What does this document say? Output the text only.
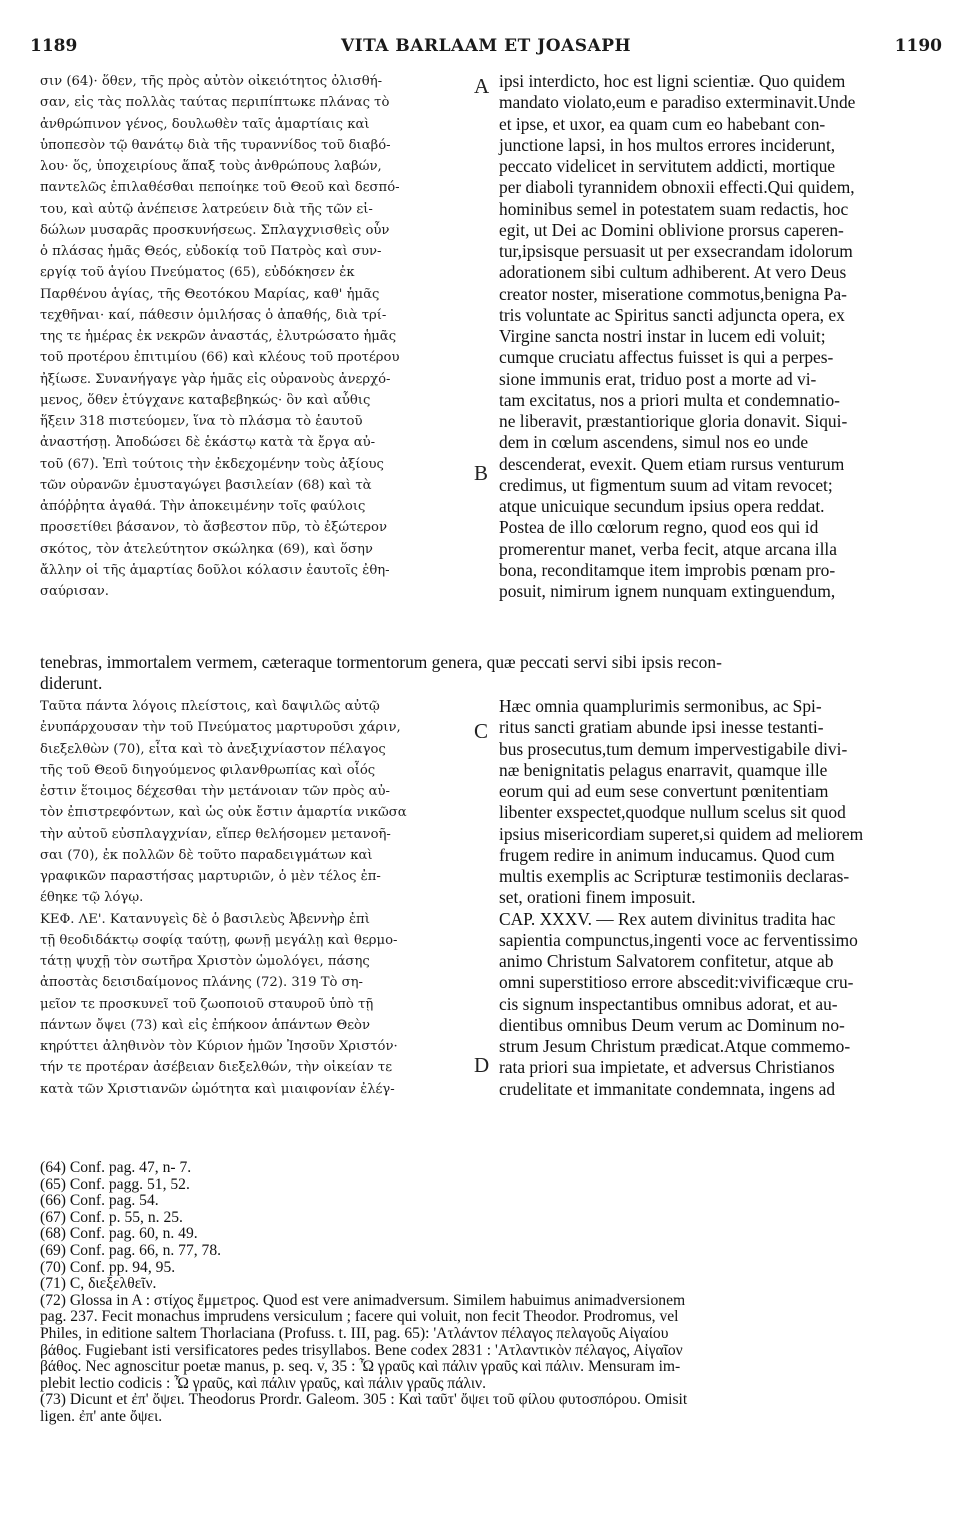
1189	VITA BARLAAM ET JOASAPH	1190
σιν (64)· ὅθεν, τῆς πρὸς αὐτὸν οἰκειότητος ὀλισθή-
σαν, εἰς τὰς πολλὰς ταύτας περιπίπτωκε πλάνας τὸ
ἀνθρώπινον γένος, δουλωθὲν ταῖς ἁμαρτίαις καὶ
ὑποπεσὸν τῷ θανάτῳ διὰ τῆς τυραννίδος τοῦ διαβό-
λου· ὅς, ὑποχειρίους ἅπαξ τοὺς ἀνθρώπους λαβών,
παντελῶς ἐπιλαθέσθαι πεποίηκε τοῦ Θεοῦ καὶ δεσπό-
του, καὶ αὐτῷ ἀνέπεισε λατρεύειν διὰ τῆς τῶν εἰ-
δώλων μυσαρᾶς προσκυνήσεως. Σπλαγχνισθεὶς οὖν
ὁ πλάσας ἡμᾶς Θεός, εὐδοκίᾳ τοῦ Πατρὸς καὶ συν-
εργίᾳ τοῦ ἁγίου Πνεύματος (65), εὐδόκησεν ἐκ
Παρθένου ἁγίας, τῆς Θεοτόκου Μαρίας, καθ' ἡμᾶς
τεχθῆναι· καί, πάθεσιν ὁμιλήσας ὁ ἀπαθής, διὰ τρί-
της τε ἡμέρας ἐκ νεκρῶν ἀναστάς, ἐλυτρώσατο ἡμᾶς
τοῦ προτέρου ἐπιτιμίου (66) καὶ κλέους τοῦ προτέρου
ἠξίωσε. Συνανήγαγε γὰρ ἡμᾶς εἰς οὐρανοὺς ἀνερχό-
μενος, ὅθεν ἐτύγχανε καταβεβηκώς· ὃν καὶ αὖθις
ἥξειν 318 πιστεύομεν, ἵνα τὸ πλάσμα τὸ ἑαυτοῦ
ἀναστήσῃ. Ἀποδώσει δὲ ἑκάστῳ κατὰ τὰ ἔργα αὐ-
τοῦ (67). Ἐπὶ τούτοις τὴν ἐκδεχομένην τοὺς ἀξίους
τῶν οὐρανῶν ἐμυσταγώγει βασιλείαν (68) καὶ τὰ
ἀπόῤῥητα ἀγαθά. Τὴν ἀποκειμένην τοῖς φαύλοις
προσετίθει βάσανον, τὸ ἄσβεστον πῦρ, τὸ ἐξώτερον
σκότος, τὸν ἀτελεύτητον σκώληκα (69), καὶ ὅσην
ἄλλην οἱ τῆς ἁμαρτίας δοῦλοι κόλασιν ἑαυτοῖς ἐθη-
σαύρισαν.
ipsi interdicto, hoc est ligni scientiæ. Quo quidem
mandato violato,eum e paradiso exterminavit.Unde
et ipse, et uxor, ea quam cum eo habebant con-
junctione lapsi, in hos multos errores inciderunt,
peccato videlicet in servitutem addicti, mortique
per diaboli tyrannidem obnoxii effecti.Qui quidem,
hominibus semel in potestatem suam redactis, hoc
egit, ut Dei ac Domini oblivione prorsus caperen-
tur,ipsisque persuasit ut per exsecrandam idolorum
adorationem sibi cultum adhiberent. At vero Deus
creator noster, miseratione commotus,benigna Pa-
tris voluntate ac Spiritus sancti adjuncta opera, ex
Virgine sancta nostri instar in lucem edi voluit;
cumque cruciatu affectus fuisset is qui a perpes-
sione immunis erat, triduo post a morte ad vi-
tam excitatus, nos a priori multa et condemnatio-
ne liberavit, præstantiorique gloria donavit. Siqui-
dem in cœlum ascendens, simul nos eo unde
descenderat, evexit. Quem etiam rursus venturum
credimus, ut figmentum suum ad vitam revocet;
atque unicuique secundum ipsius opera reddat.
Postea de illo cœlorum regno, quod eos qui id
promerentur manet, verba fecit, atque arcana illa
bona, reconditamque item improbis pœnam pro-
posuit, nimirum ignem nunquam extinguendum,
tenebras, immortalem vermem, cæteraque tormentorum genera, quæ peccati servi sibi ipsis recon-
diderunt.
Ταῦτα πάντα λόγοις πλείστοις, καὶ δαψιλῶς αὐτῷ
ἐνυπάρχουσαν τὴν τοῦ Πνεύματος μαρτυροῦσι χάριν,
διεξελθὼν (70), εἶτα καὶ τὸ ἀνεξιχνίαστον πέλαγος
τῆς τοῦ Θεοῦ διηγούμενος φιλανθρωπίας καὶ οἷός
ἐστιν ἕτοιμος δέχεσθαι τὴν μετάνοιαν τῶν πρὸς αὐ-
τὸν ἐπιστρεφόντων, καὶ ὡς οὐκ ἔστιν ἁμαρτία νικῶσα
τὴν αὐτοῦ εὐσπλαγχνίαν, εἴπερ θελήσομεν μετανοῆ-
σαι (70), ἐκ πολλῶν δὲ τοῦτο παραδειγμάτων καὶ
γραφικῶν παραστήσας μαρτυριῶν, ὁ μὲν τέλος ἐπ-
έθηκε τῷ λόγῳ.
ΚΕΦ. ΛΕ'. Κατανυγεὶς δὲ ὁ βασιλεὺς Ἀβεννὴρ ἐπὶ
τῇ θεοδιδάκτῳ σοφίᾳ ταύτῃ, φωνῇ μεγάλῃ καὶ θερμο-
τάτῃ ψυχῇ τὸν σωτῆρα Χριστὸν ὡμολόγει, πάσης
ἀποστὰς δεισιδαίμονος πλάνης (72). 319 Τὸ ση-
μεῖον τε προσκυνεῖ τοῦ ζωοποιοῦ σταυροῦ ὑπὸ τῇ
πάντων ὄψει (73) καὶ εἰς ἐπήκοον ἁπάντων Θεὸν
κηρύττει ἀληθινὸν τὸν Κύριον ἡμῶν Ἰησοῦν Χριστόν·
τήν τε προτέραν ἀσέβειαν διεξελθών, τὴν οἰκείαν τε
κατὰ τῶν Χριστιανῶν ὠμότητα καὶ μιαιφονίαν ἐλέγ-
Hæc omnia quamplurimis sermonibus, ac Spi-
ritus sancti gratiam abunde ipsi inesse testanti-
bus prosecutus,tum demum impervestigabile divi-
næ benignitatis pelagus enarravit, quamque ille
eorum qui ad eum sese convertunt pœnitentiam
libenter exspectet,quodque nullum scelus sit quod
ipsius misericordiam superet,si quidem ad meliorem
frugem redire in animum inducamus. Quod cum
multis exemplis ac Scripturæ testimoniis declaras-
set, orationi finem imposuit.
CAP. XXXV. — Rex autem divinitus tradita hac
sapientia compunctus,ingenti voce ac ferventissimo
animo Christum Salvatorem confitetur, atque ab
omni superstitioso errore abscedit:vivificæque cru-
cis signum inspectantibus omnibus adorat, et au-
dientibus omnibus Deum verum ac Dominum no-
strum Jesum Christum prædicat.Atque commemo-
rata priori sua impietate, et adversus Christianos
crudelitate et immanitate condemnata, ingens ad
A
B
C
D
(64) Conf. pag. 47, n- 7.
(65) Conf. pagg. 51, 52.
(66) Conf. pag. 54.
(67) Conf. p. 55, n. 25.
(68) Conf. pag. 60, n. 49.
(69) Conf. pag. 66, n. 77, 78.
(70) Conf. pp. 94, 95.
(71) C, διεξελθεῖν.
(72) Glossa in A : στίχος ἔμμετρος. Quod est vere animadversum. Similem habuimus animadversionem
pag. 237. Fecit monachus imprudens versiculum ; facere qui voluit, non fecit Theodor. Prodromus, vel
Philes, in editione saltem Thorlaciana (Profuss. t. III, pag. 65): 'Ατλάντον πέλαγος πελαγοῦς Αἰγαίου
βάθος. Fugiebant isti versificatores pedes trisyllabos. Bene codex 2831 : 'Ατλαντικὸν πέλαγος, Αἰγαῖον
βάθος. Nec agnoscitur poetæ manus, p. seq. v, 35 : Ὦ γραῦς καὶ πάλιν γραῦς καὶ πάλιν. Mensuram im-
plebit lectio codicis : Ὦ γραῦς, καὶ πάλιν γραῦς, καὶ πάλιν γραῦς πάλιν.
(73) Dicunt et ἐπ' ὄψει. Theodorus Prordr. Galeom. 305 : Καὶ ταῦτ' ὄψει τοῦ φίλου φυτοσπόρου. Omisit
ligen. ἐπ' ante ὄψει.
